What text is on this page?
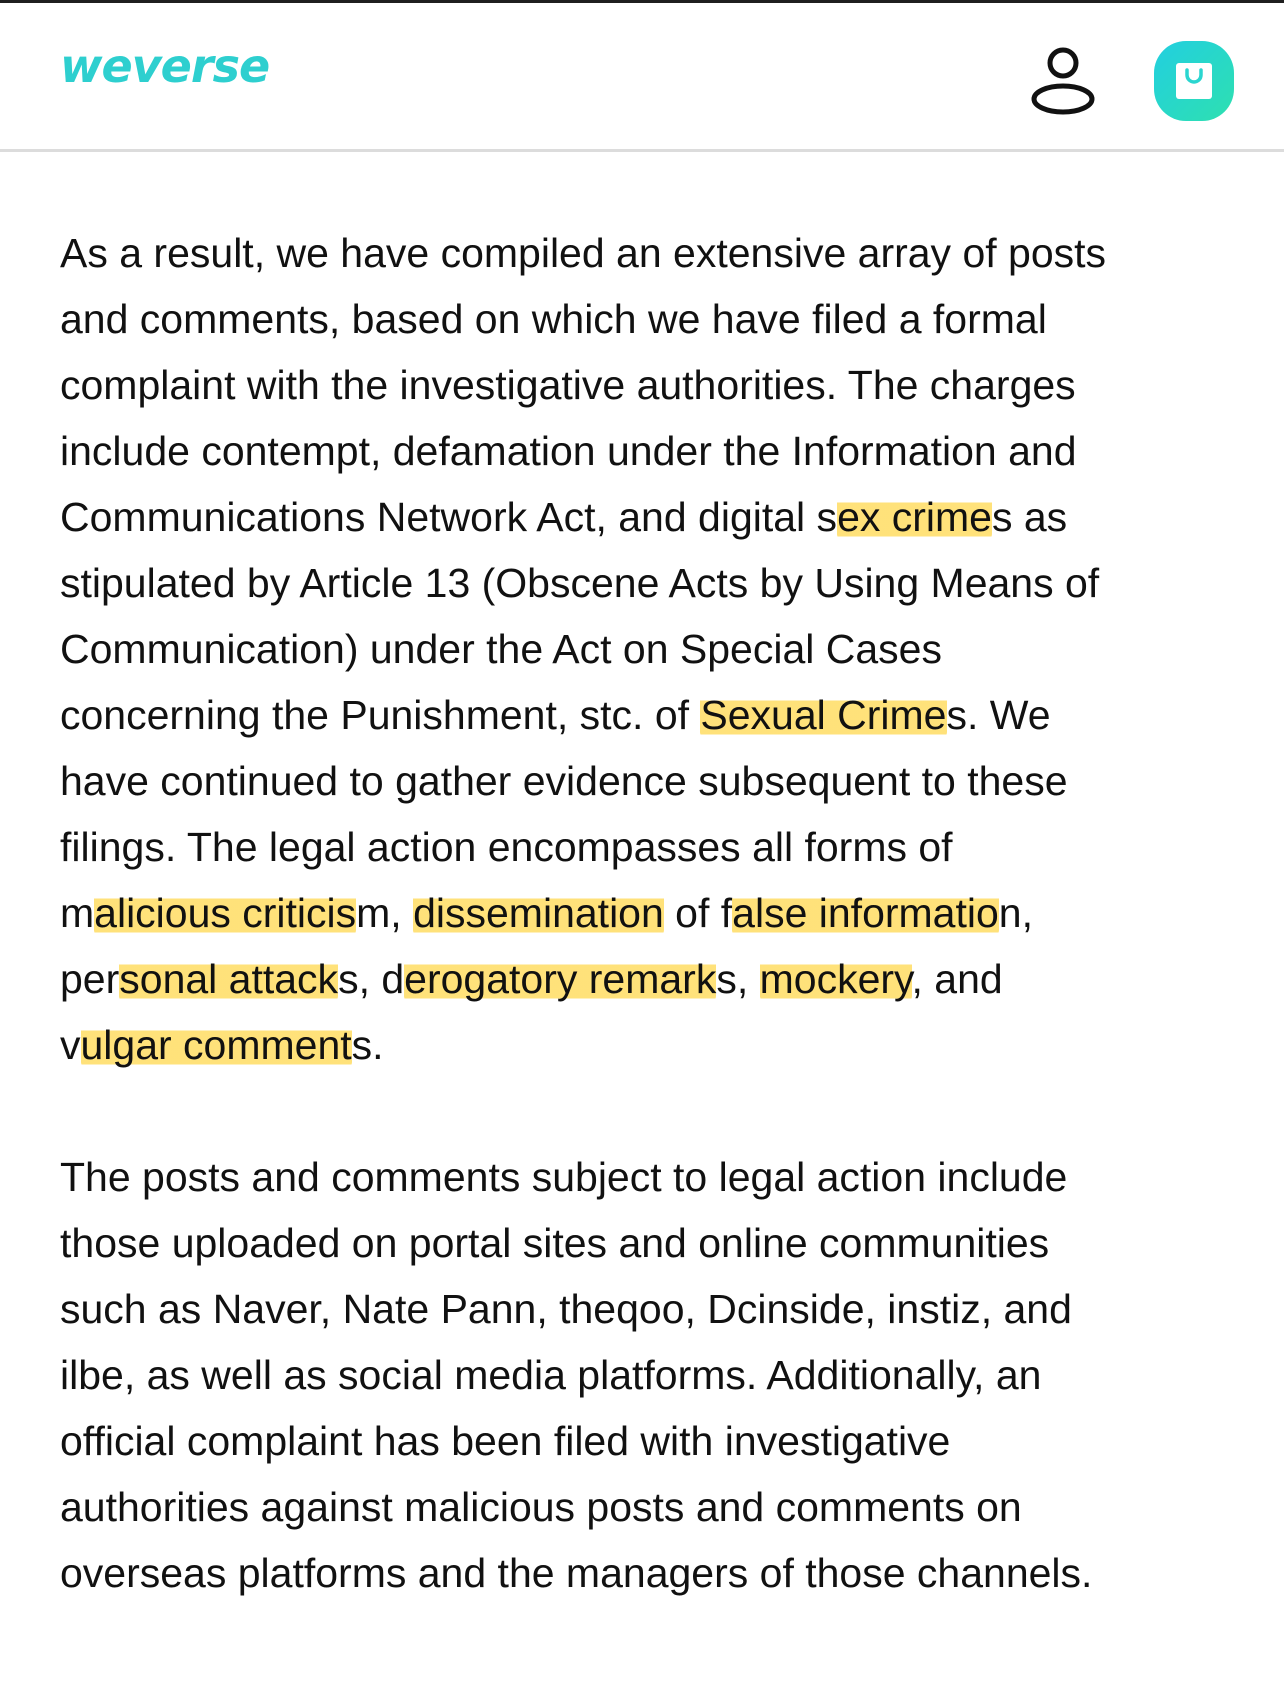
weverse
As a result, we have compiled an extensive array of posts
and comments, based on which we have filed a formal
complaint with the investigative authorities. The charges
include contempt, defamation under the Information and
Communications Network Act, and digital sex crimes as
stipulated by Article 13 (Obscene Acts by Using Means of
Communication) under the Act on Special Cases
concerning the Punishment, stc. of Sexual Crimes. We
have continued to gather evidence subsequent to these
filings. The legal action encompasses all forms of
malicious criticism, dissemination of false information,
personal attacks, derogatory remarks, mockery, and
vulgar comments.
The posts and comments subject to legal action include
those uploaded on portal sites and online communities
such as Naver, Nate Pann, theqoo, Dcinside, instiz, and
ilbe, as well as social media platforms. Additionally, an
official complaint has been filed with investigative
authorities against malicious posts and comments on
overseas platforms and the managers of those channels.
